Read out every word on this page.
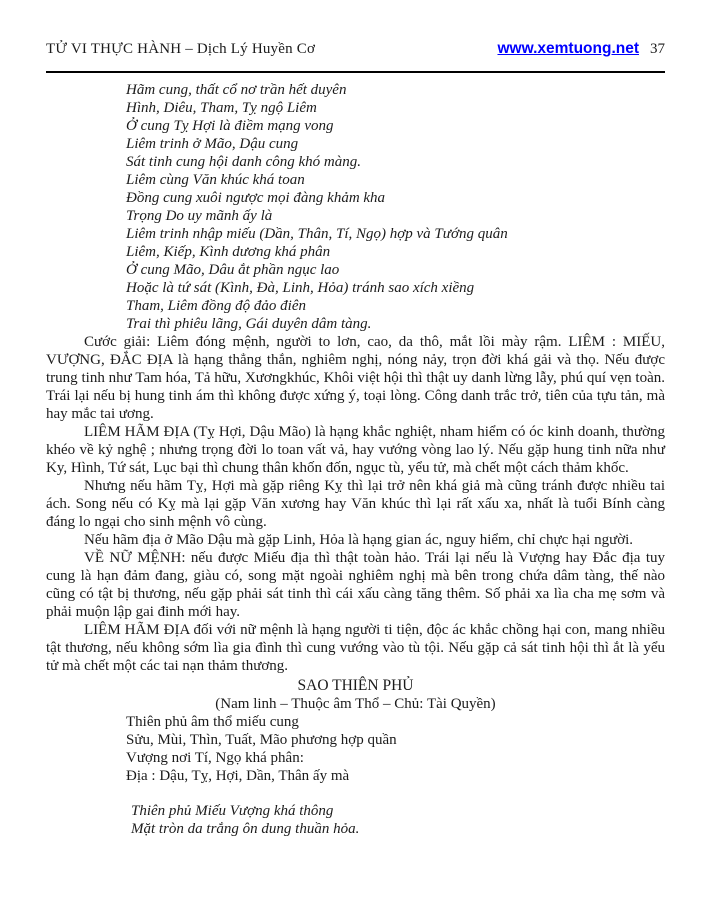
TỬ VI THỰC HÀNH – Dịch Lý Huyền Cơ	www.xemtuong.net 37
Hãm cung, thất cổ nơ trần hết duyên
Hình, Diêu, Tham, Tỵ ngộ Liêm
Ở cung Tỵ Hợi là điềm mạng vong
Liêm trinh ở Mão, Dậu cung
Sát tinh cung hội danh công khó màng.
Liêm cùng Văn khúc khá toan
Đồng cung xuôi ngược mọi đàng khảm kha
Trọng Do uy mãnh ấy là
Liêm trinh nhập miếu (Dần, Thân, Tí, Ngọ) hợp và Tướng quân
Liêm, Kiếp, Kình dương khá phân
Ở cung Mão, Dâu ắt phần ngục lao
Hoặc là tứ sát (Kình, Đà, Linh, Hỏa) tránh sao xích xiềng
Tham, Liêm đồng độ đảo điên
Trai thì phiêu lãng, Gái duyên dâm tàng.

Cước giải: Liêm đóng mệnh, người to lơn, cao, da thô, mắt lồi mày rậm. LIÊM : MIẾU, VƯỢNG, ĐẮC ĐỊA là hạng thẳng thắn, nghiêm nghị, nóng nảy, trọn đời khá gải và thọ. Nếu được trung tinh như Tam hóa, Tả hữu, Xươngkhúc, Khôi việt hội thì thật uy danh lừng lẫy, phú quí vẹn toàn. Trái lại nếu bị hung tinh ám thì không được xứng ý, toại lòng. Công danh trắc trở, tiên của tựu tản, mà hay mắc tai ương.

LIÊM HÃM ĐỊA (Tỵ Hợi, Dậu Mão) là hạng khắc nghiệt, nham hiểm có óc kinh doanh, thường khéo về kỷ nghệ ; nhưng trọng đời lo toan vất vả, hay vướng vòng lao lý. Nếu gặp hung tinh nữa như Ky, Hình, Tứ sát, Lục bại thì chung thân khốn đốn, ngục tù, yểu tử, mà chết một cách thảm khốc.

Nhưng nếu hãm Tỵ, Hợi mà gặp riêng Kỵ thì lại trở nên khá giả mà cũng tránh được nhiều tai ách. Song nếu có Kỵ mà lại gặp Văn xương hay Văn khúc thì lại rất xấu xa, nhất là tuổi Bính càng đáng lo ngại cho sinh mệnh vô cùng.

Nếu hãm địa ở Mão Dậu mà gặp Linh, Hỏa là hạng gian ác, nguy hiểm, chỉ chực hại người.

VỀ NỮ MỆNH: nếu được Miếu địa thì thật toàn hảo. Trái lại nếu là Vượng hay Đắc địa tuy cung là hạn đảm đang, giàu có, song mặt ngoài nghiêm nghị mà bên trong chứa dâm tàng, thế nào cũng có tật bị thương, nếu gặp phải sát tinh thì cái xấu càng tăng thêm. Số phải xa lìa cha mẹ sơm và phải muộn lập gai đinh mới hay.

LIÊM HÃM ĐỊA đối với nữ mệnh là hạng người ti tiện, độc ác khắc chồng hại con, mang nhiều tật thương, nếu không sớm lìa gia đình thì cung vướng vào tù tội. Nếu gặp cả sát tinh hội thì ắt là yểu tử mà chết một các tai nạn thảm thương.

SAO THIÊN PHỦ
(Nam linh – Thuộc âm Thổ – Chủ: Tài Quyền)
Thiên phủ âm thổ miếu cung
Sửu, Mùi, Thìn, Tuất, Mão phương hợp quần
Vượng nơi Tí, Ngọ khá phân:
Địa : Dậu, Tỵ, Hợi, Dần, Thân ấy mà
Thiên phủ Miếu Vượng khá thông
Mặt tròn da trắng ôn dung thuần hỏa.
